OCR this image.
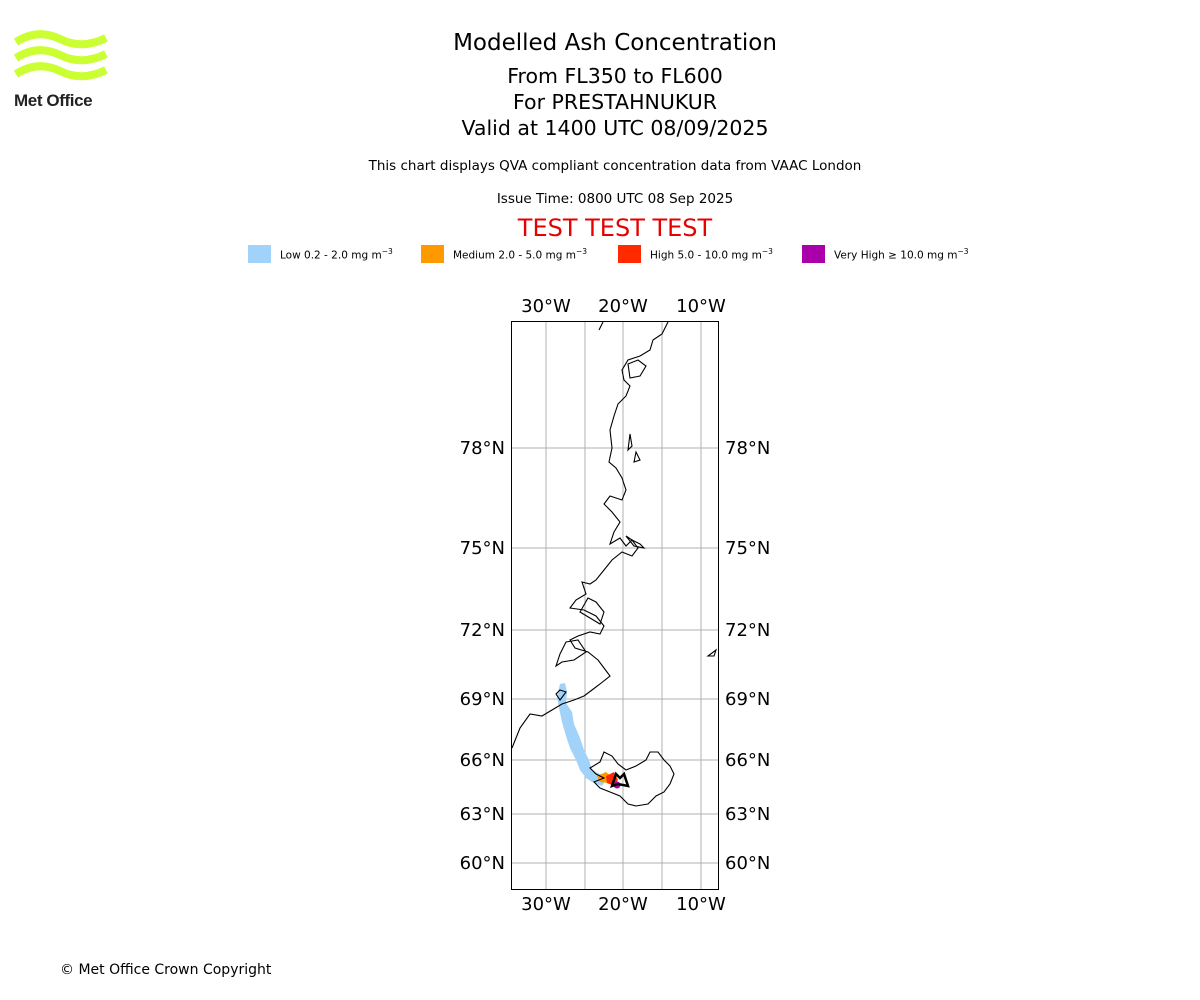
Met Office
Modelled Ash Concentration
From FL350 to FL600
For PRESTAHNUKUR
Valid at 1400 UTC 08/09/2025
This chart displays QVA compliant concentration data from VAAC London
Issue Time: 0800 UTC 08 Sep 2025
TEST TEST TEST
Low 0.2 - 2.0 mg $m^{-3}$	Medium 2.0 - 5.0 mg $m^{-3}$	High 5.0 - 10.0 mg $m^{-3}$	Very High ≥ 10.0 mg $m^{-3}$
30°W 20°W 10°W
30°W 20°W 10°W
78°N
75°N
72°N
69°N
66°N
63°N
60°N
78°N
75°N
72°N
69°N
66°N
63°N
60°N
© Met Office Crown Copyright
